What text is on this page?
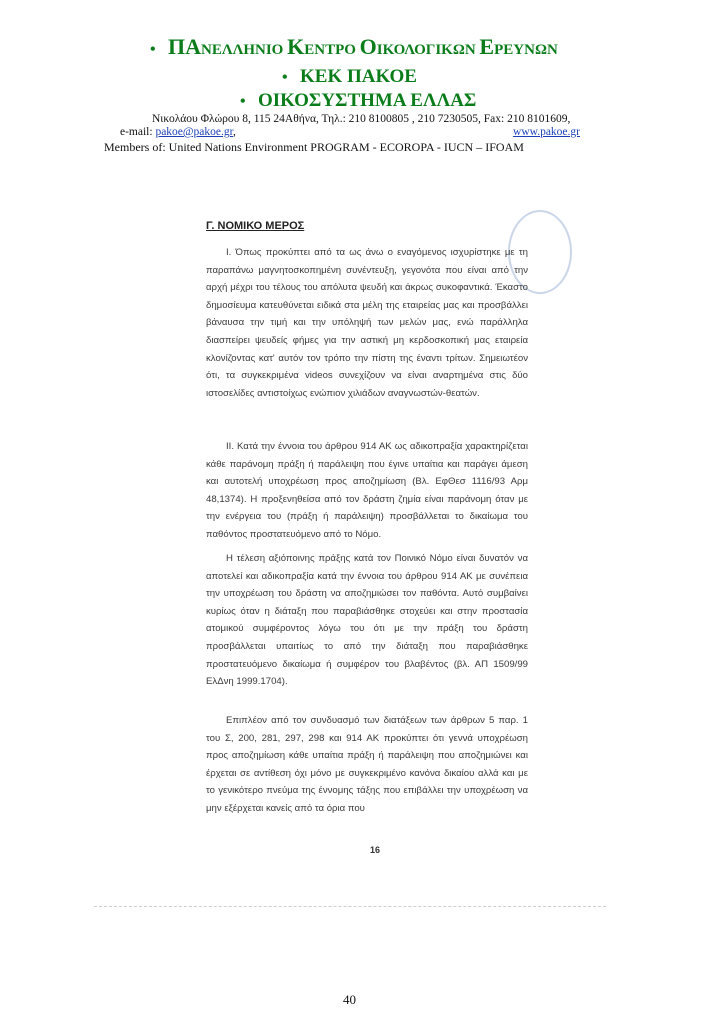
• ΠΑΝΕΛΛΗΝΙΟ ΚΕΝΤΡΟ ΟΙΚΟΛΟΓΙΚΩΝ ΕΡΕΥΝΩΝ
• ΚΕΚ ΠΑΚΟΕ
• ΟΙΚΟΣΥΣΤΗΜΑ ΕΛΛΑΣ
Νικολάου Φλώρου 8, 115 24Αθήνα, Τηλ.: 210 8100805 , 210 7230505, Fax: 210 8101609,
e-mail: pakoe@pakoe.gr,	www.pakoe.gr
Members of: United Nations Environment PROGRAM - ECOROPA - IUCN – IFOAM
Γ. ΝΟΜΙΚΟ ΜΕΡΟΣ

Ι. Όπως προκύπτει από τα ως άνω ο εναγόμενος ισχυρίστηκε με τη παραπάνω μαγνητοσκοπημένη συνέντευξη, γεγονότα που είναι από την αρχή μέχρι του τέλους του απόλυτα ψευδή και άκρως συκοφαντικά. Έκαστο δημοσίευμα κατευθύνεται ειδικά στα μέλη της εταιρείας μας και προσβάλλει βάναυσα την τιμή και την υπόληψή των μελών μας, ενώ παράλληλα διασπείρει ψευδείς φήμες για την αστική μη κερδοσκοπική μας εταιρεία κλονίζοντας κατ' αυτόν τον τρόπο την πίστη της έναντι τρίτων. Σημειωτέον ότι, τα συγκεκριμένα videos συνεχίζουν να είναι αναρτημένα στις δύο ιστοσελίδες αντιστοίχως ενώπιον χιλιάδων αναγνωστών-θεατών.

ΙΙ. Κατά την έννοια του άρθρου 914 ΑΚ ως αδικοπραξία χαρακτηρίζεται κάθε παράνομη πράξη ή παράλειψη που έγινε υπαίτια και παράγει άμεση και αυτοτελή υποχρέωση προς αποζημίωση (Βλ. ΕφΘεσ 1116/93 Αρμ 48,1374). Η προξενηθείσα από τον δράστη ζημία είναι παράνομη όταν με την ενέργεια του (πράξη ή παράλειψη) προσβάλλεται το δικαίωμα του παθόντος προστατευόμενο από το Νόμο.

Η τέλεση αξιόποινης πράξης κατά τον Ποινικό Νόμο είναι δυνατόν να αποτελεί και αδικοπραξία κατά την έννοια του άρθρου 914 ΑΚ με συνέπεια την υποχρέωση του δράστη να αποζημιώσει τον παθόντα. Αυτό συμβαίνει κυρίως όταν η διάταξη που παραβιάσθηκε στοχεύει και στην προστασία ατομικού συμφέροντος λόγω του ότι με την πράξη του δράστη προσβάλλεται υπαιτίως το από την διάταξη που παραβιάσθηκε προστατευόμενο δικαίωμα ή συμφέρον του βλαβέντος (βλ. ΑΠ 1509/99 ΕλΔνη 1999.1704).

Επιπλέον από τον συνδυασμό των διατάξεων των άρθρων 5 παρ. 1 του Σ, 200, 281, 297, 298 και 914 ΑΚ προκύπτει ότι γεννά υποχρέωση προς αποζημίωση κάθε υπαίτια πράξη ή παράλειψη που αποζημιώνει και έρχεται σε αντίθεση όχι μόνο με συγκεκριμένο κανόνα δικαίου αλλά και με το γενικότερο πνεύμα της έννομης τάξης που επιβάλλει την υποχρέωση να μην εξέρχεται κανείς από τα όρια που

16
40
